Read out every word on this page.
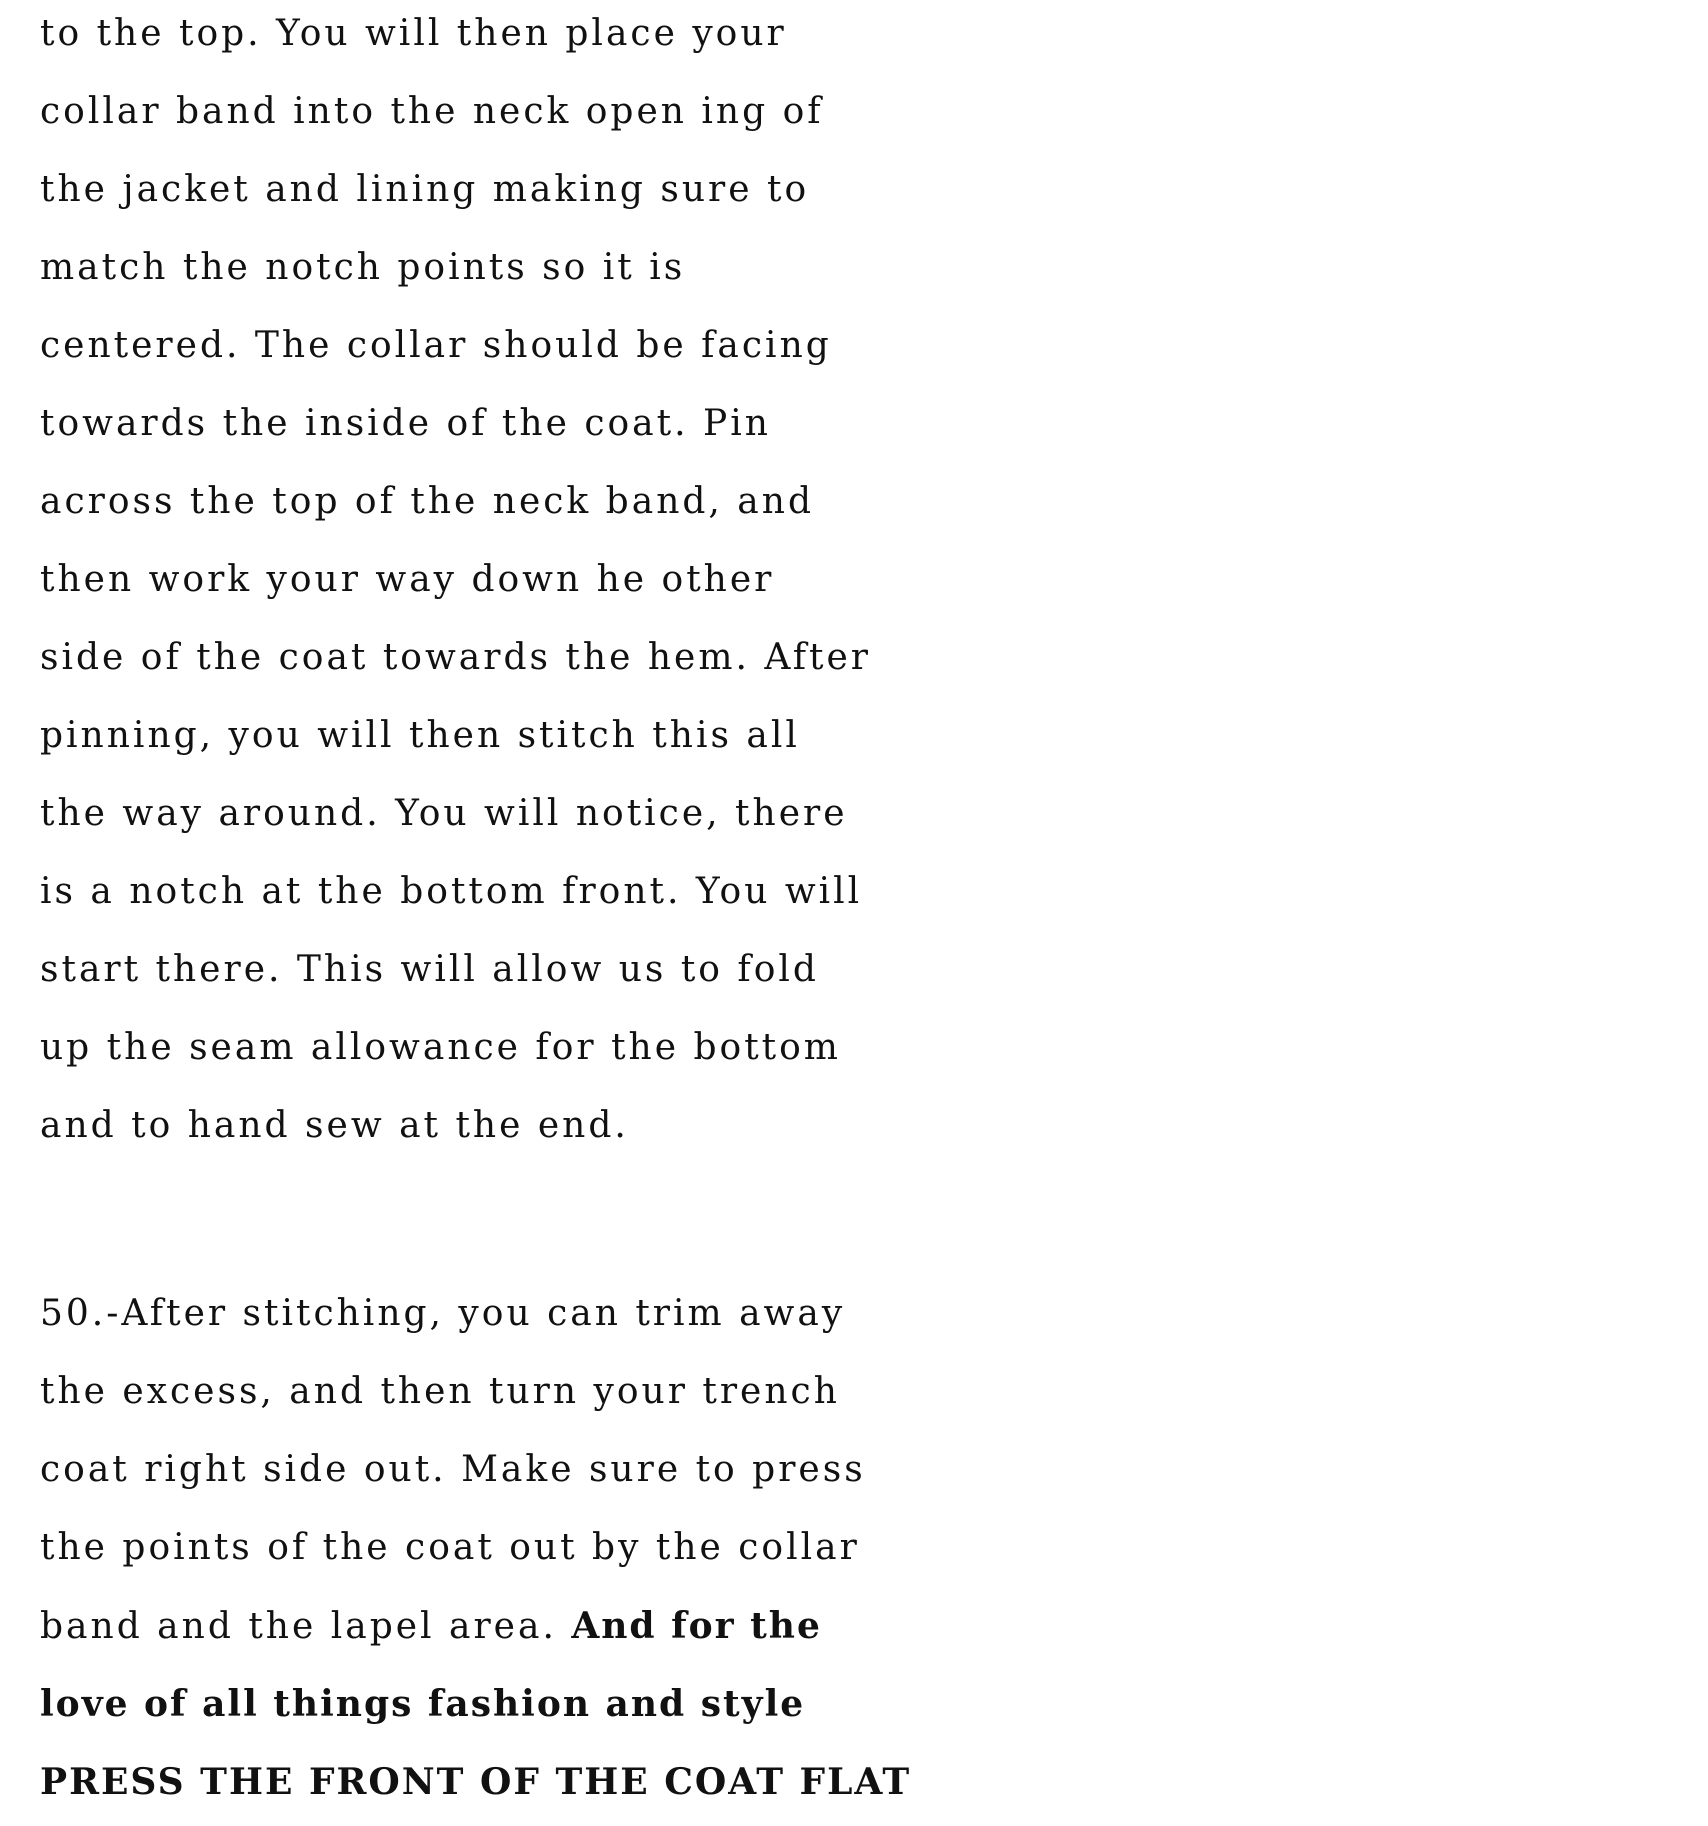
to the top. You will then place your
collar band into the neck open ing of
the jacket and lining making sure to
match the notch points so it is
centered. The collar should be facing
towards the inside of the coat. Pin
across the top of the neck band, and
then work your way down he other
side of the coat towards the hem. After
pinning, you will then stitch this all
the way around. You will notice, there
is a notch at the bottom front. You will
start there. This will allow us to fold
up the seam allowance for the bottom
and to hand sew at the end.
50.-After stitching, you can trim away
the excess, and then turn your trench
coat right side out. Make sure to press
the points of the coat out by the collar
band and the lapel area. And for the
love of all things fashion and style
PRESS THE FRONT OF THE COAT FLAT
